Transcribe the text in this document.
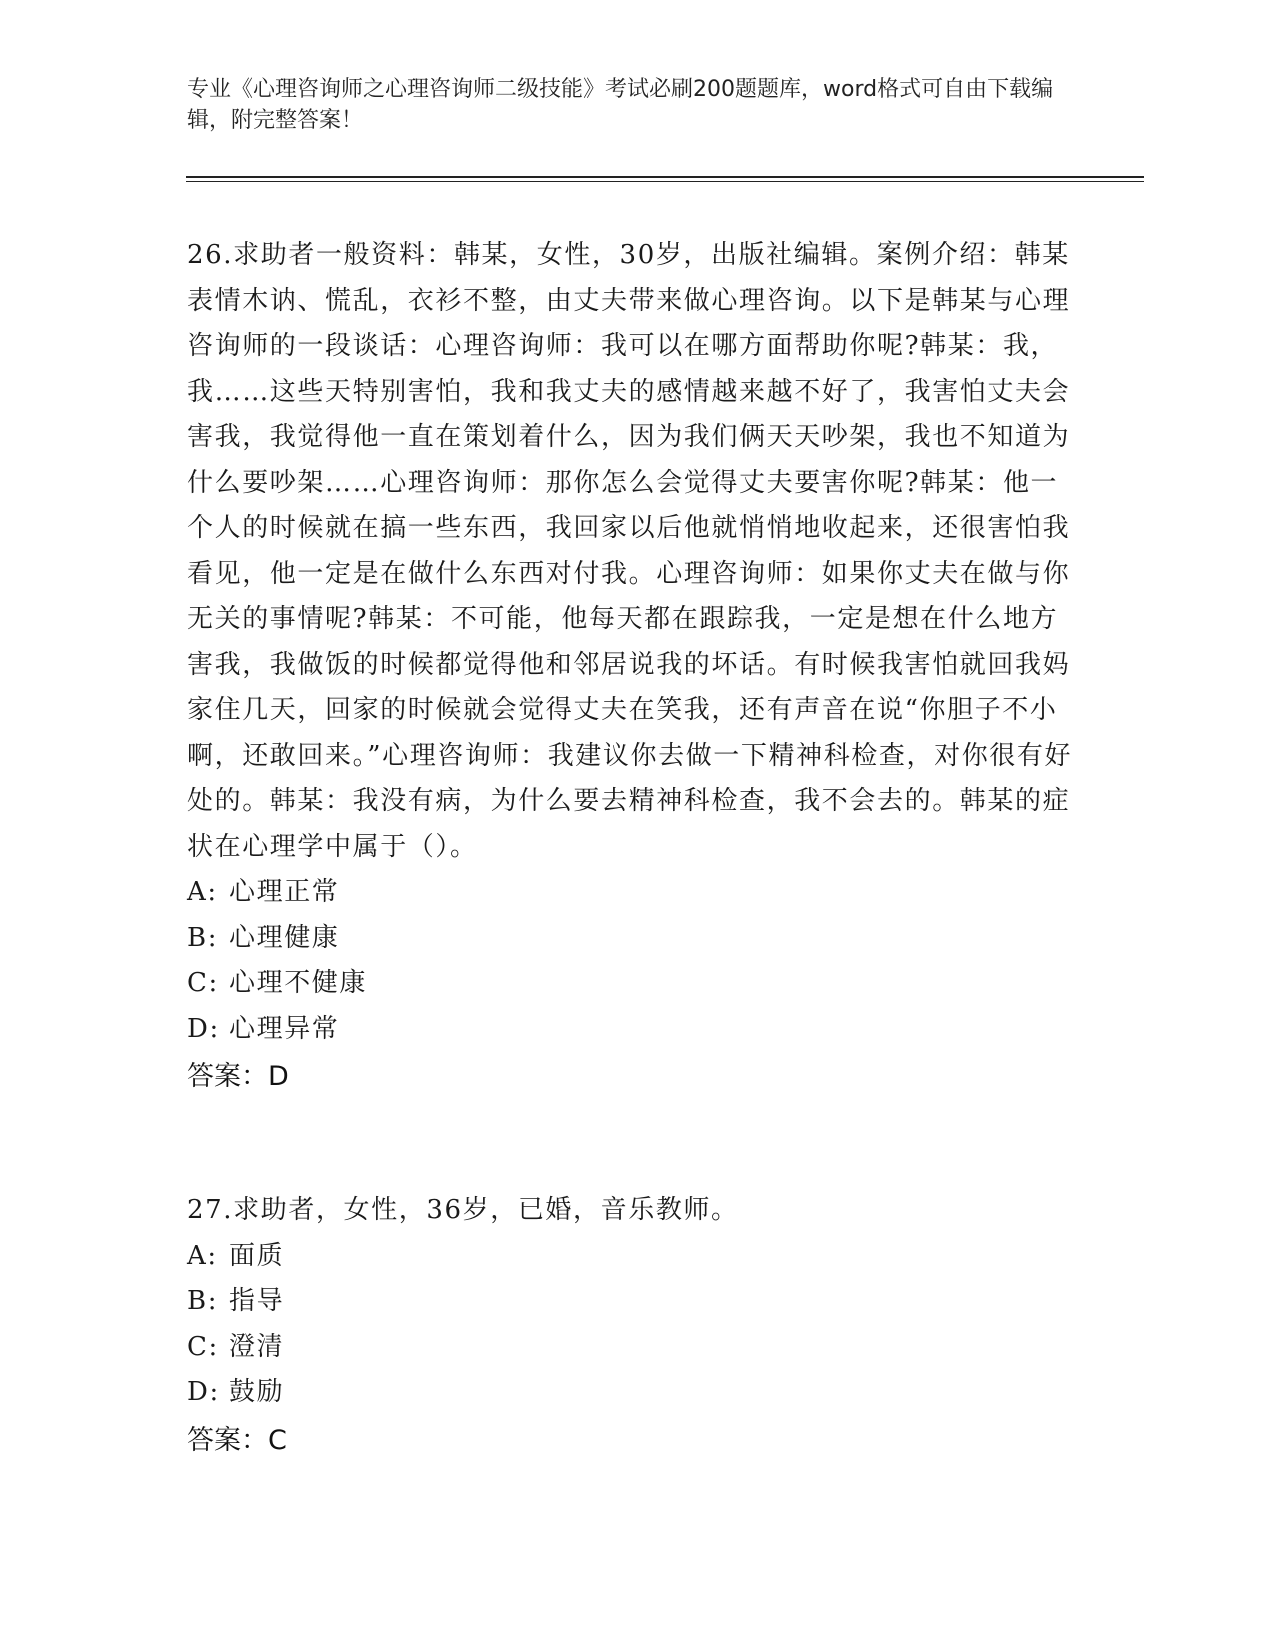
专业《心理咨询师之心理咨询师二级技能》考试必刷200题题库，word格式可自由下载编辑，附完整答案！

26.求助者一般资料：韩某，女性，30岁，出版社编辑。案例介绍：韩某表情木讷、慌乱，衣衫不整，由丈夫带来做心理咨询。以下是韩某与心理咨询师的一段谈话：心理咨询师：我可以在哪方面帮助你呢?韩某：我，我……这些天特别害怕，我和我丈夫的感情越来越不好了，我害怕丈夫会害我，我觉得他一直在策划着什么，因为我们俩天天吵架，我也不知道为什么要吵架……心理咨询师：那你怎么会觉得丈夫要害你呢?韩某：他一个人的时候就在搞一些东西，我回家以后他就悄悄地收起来，还很害怕我看见，他一定是在做什么东西对付我。心理咨询师：如果你丈夫在做与你无关的事情呢?韩某：不可能，他每天都在跟踪我，一定是想在什么地方害我，我做饭的时候都觉得他和邻居说我的坏话。有时候我害怕就回我妈家住几天，回家的时候就会觉得丈夫在笑我，还有声音在说“你胆子不小啊，还敢回来。”心理咨询师：我建议你去做一下精神科检查，对你很有好处的。韩某：我没有病，为什么要去精神科检查，我不会去的。韩某的症状在心理学中属于（）。

A: 心理正常
B: 心理健康
C: 心理不健康
D: 心理异常
答案：D

27.求助者，女性，36岁，已婚，音乐教师。

A: 面质
B: 指导
C: 澄清
D: 鼓励
答案：C
